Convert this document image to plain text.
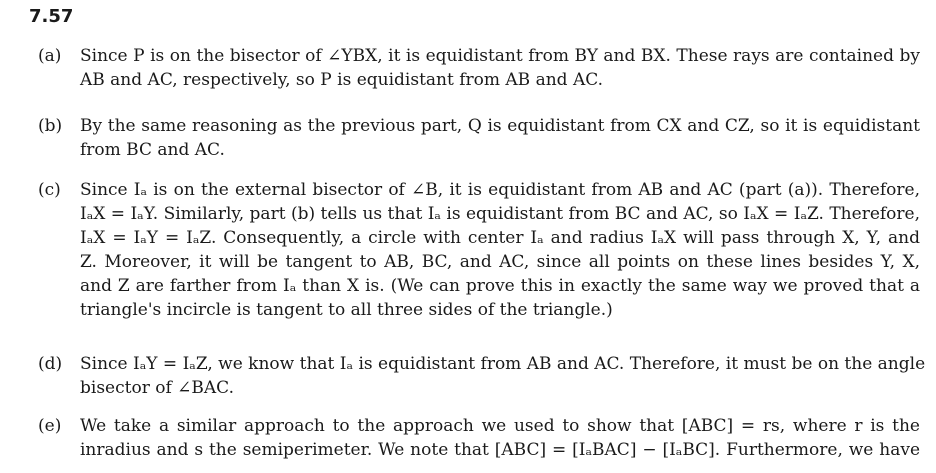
7.57
(a) Since P is on the bisector of ∠YBX, it is equidistant from BY and BX. These rays are contained by
AB and AC, respectively, so P is equidistant from AB and AC.
(b) By the same reasoning as the previous part, Q is equidistant from CX and CZ, so it is equidistant
from BC and AC.
(c) Since Iₐ is on the external bisector of ∠B, it is equidistant from AB and AC (part (a)). Therefore,
IₐX = IₐY. Similarly, part (b) tells us that Iₐ is equidistant from BC and AC, so IₐX = IₐZ. Therefore,
IₐX = IₐY = IₐZ. Consequently, a circle with center Iₐ and radius IₐX will pass through X, Y, and
Z. Moreover, it will be tangent to AB, BC, and AC, since all points on these lines besides Y, X,
and Z are farther from Iₐ than X is. (We can prove this in exactly the same way we proved that a
triangle's incircle is tangent to all three sides of the triangle.)
(d) Since IₐY = IₐZ, we know that Iₐ is equidistant from AB and AC. Therefore, it must be on the angle
bisector of ∠BAC.
(e) We take a similar approach to the approach we used to show that [ABC] = rs, where r is the
inradius and s the semiperimeter. We note that [ABC] = [IₐBAC] − [IₐBC]. Furthermore, we have
